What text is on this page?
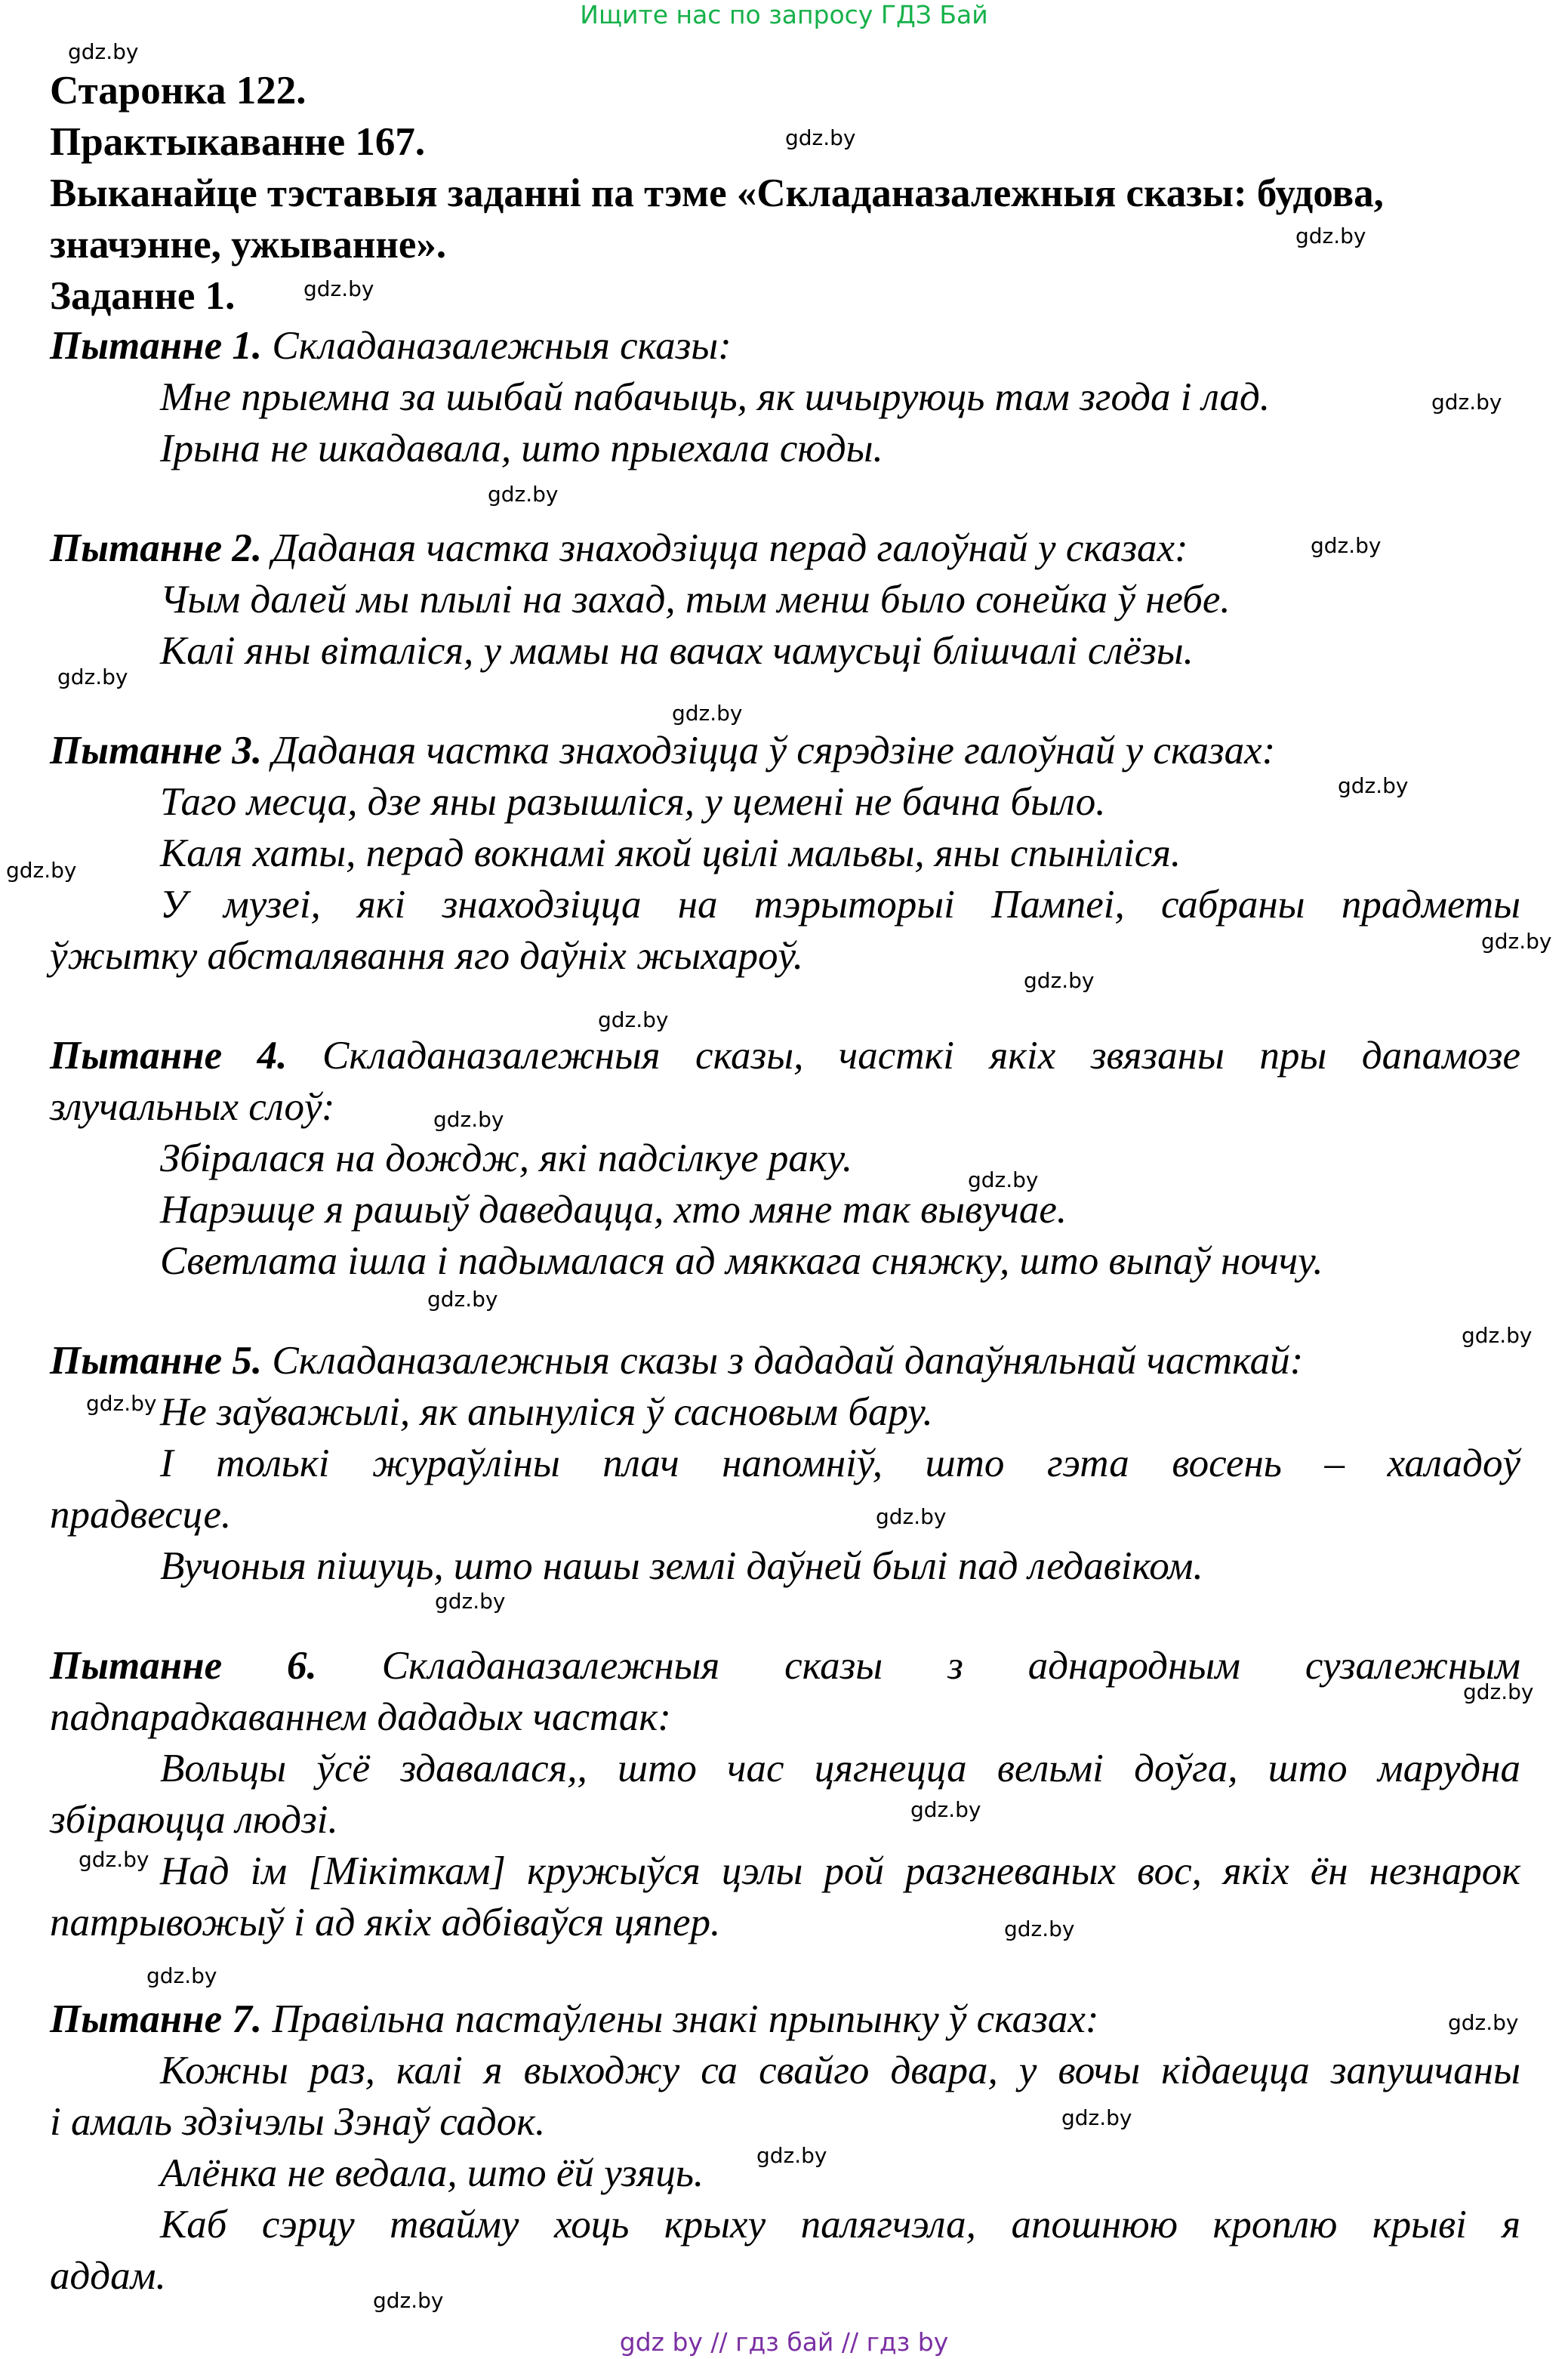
Ищите нас по запросу ГДЗ Бай
gdz by // гдз бай // гдз by
Старонка 122.
Практыкаванне 167.
Выканайце тэставыя заданні па тэме «Складаназалежныя сказы: будова,
значэнне, ужыванне».
Заданне 1.
Пытанне 1. Складаназалежныя сказы:
Мне прыемна за шыбай пабачыць, як шчыруюць там згода і лад.
Ірына не шкадавала, што прыехала сюды.
Пытанне 2. Даданая частка знаходзіцца перад галоўнай у сказах:
Чым далей мы плылі на захад, тым менш было сонейка ў небе.
Калі яны віталіся, у мамы на вачах чамусьці блішчалі слёзы.
Пытанне 3. Даданая частка знаходзіцца ў сярэдзіне галоўнай у сказах:
Таго месца, дзе яны разышліся, у цемені не бачна было.
Каля хаты, перад вокнамі якой цвілі мальвы, яны спыніліся.
У музеі, які знаходзіцца на тэрыторыі Пампеі, сабраны прадметы
ўжытку абсталявання яго даўніх жыхароў.
Пытанне 4. Складаназалежныя сказы, часткі якіх звязаны пры дапамозе
злучальных слоў:
Збіралася на дождж, які падсілкуе раку.
Нарэшце я рашыў даведацца, хто мяне так вывучае.
Светлата ішла і падымалася ад мяккага сняжку, што выпаў ноччу.
Пытанне 5. Складаназалежныя сказы з дададай дапаўняльнай часткай:
Не заўважылі, як апынуліся ў сасновым бару.
І толькі жураўліны плач напомніў, што гэта восень – халадоў
прадвесце.
Вучоныя пішуць, што нашы землі даўней былі пад ледавіком.
Пытанне 6. Складаназалежныя сказы з аднародным сузалежным
падпарадкаваннем дададых частак:
Вольцы ўсё здавалася,, што час цягнецца вельмі доўга, што марудна
збіраюцца людзі.
Над ім [Мікіткам] кружыўся цэлы рой разгневаных вос, якіх ён незнарок
патрывожыў і ад якіх адбіваўся цяпер.
Пытанне 7. Правільна пастаўлены знакі прыпынку ў сказах:
Кожны раз, калі я выходжу са свайго двара, у вочы кідаецца запушчаны
і амаль здзічэлы Зэнаў садок.
Алёнка не ведала, што ёй узяць.
Каб сэрцу твайму хоць крыху палягчэла, апошнюю кроплю крыві я
аддам.
gdz.by
gdz.by
gdz.by
gdz.by
gdz.by
gdz.by
gdz.by
gdz.by
gdz.by
gdz.by
gdz.by
gdz.by
gdz.by
gdz.by
gdz.by
gdz.by
gdz.by
gdz.by
gdz.by
gdz.by
gdz.by
gdz.by
gdz.by
gdz.by
gdz.by
gdz.by
gdz.by
gdz.by
gdz.by
gdz.by
